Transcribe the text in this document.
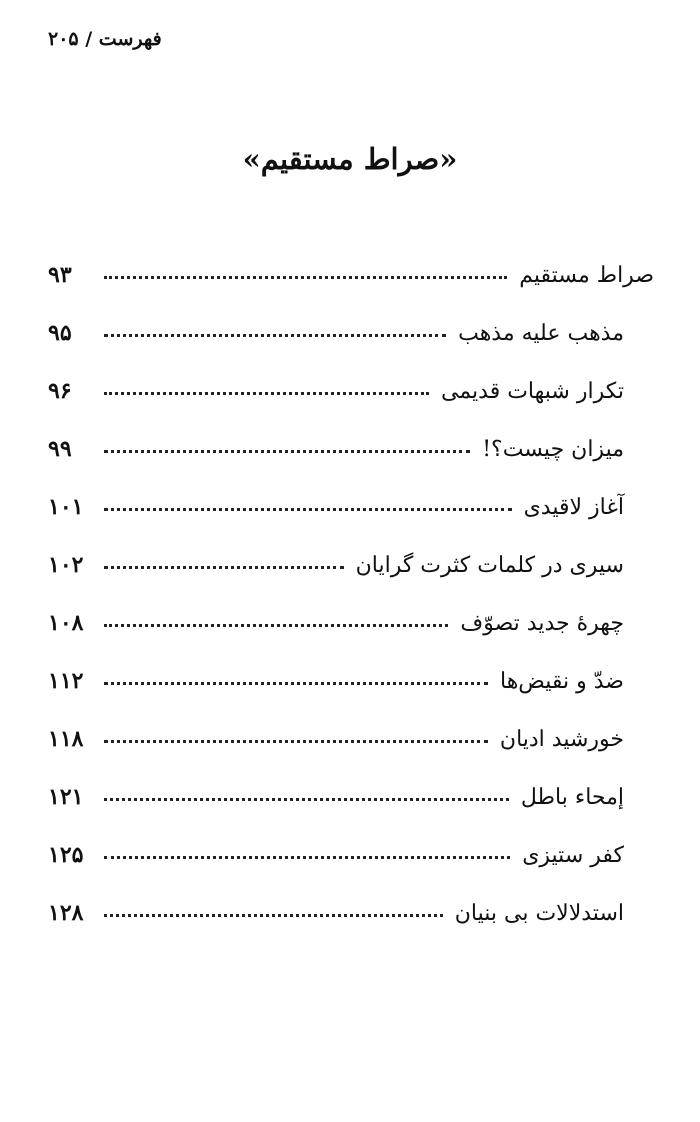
فهرست / ۲۰۵
«صراط مستقیم»
صراط مستقیم
۹۳
مذهب علیه مذهب
۹۵
تکرار شبهات قدیمی
۹۶
میزان چیست؟!
۹۹
آغاز لاقیدی
۱۰۱
سیری در کلمات کثرت گرایان
۱۰۲
چهرهٔ جدید تصوّف
۱۰۸
ضدّ و نقیض‌ها
۱۱۲
خورشید ادیان
۱۱۸
إمحاء باطل
۱۲۱
کفر ستیزی
۱۲۵
استدلالات بی بنیان
۱۲۸
